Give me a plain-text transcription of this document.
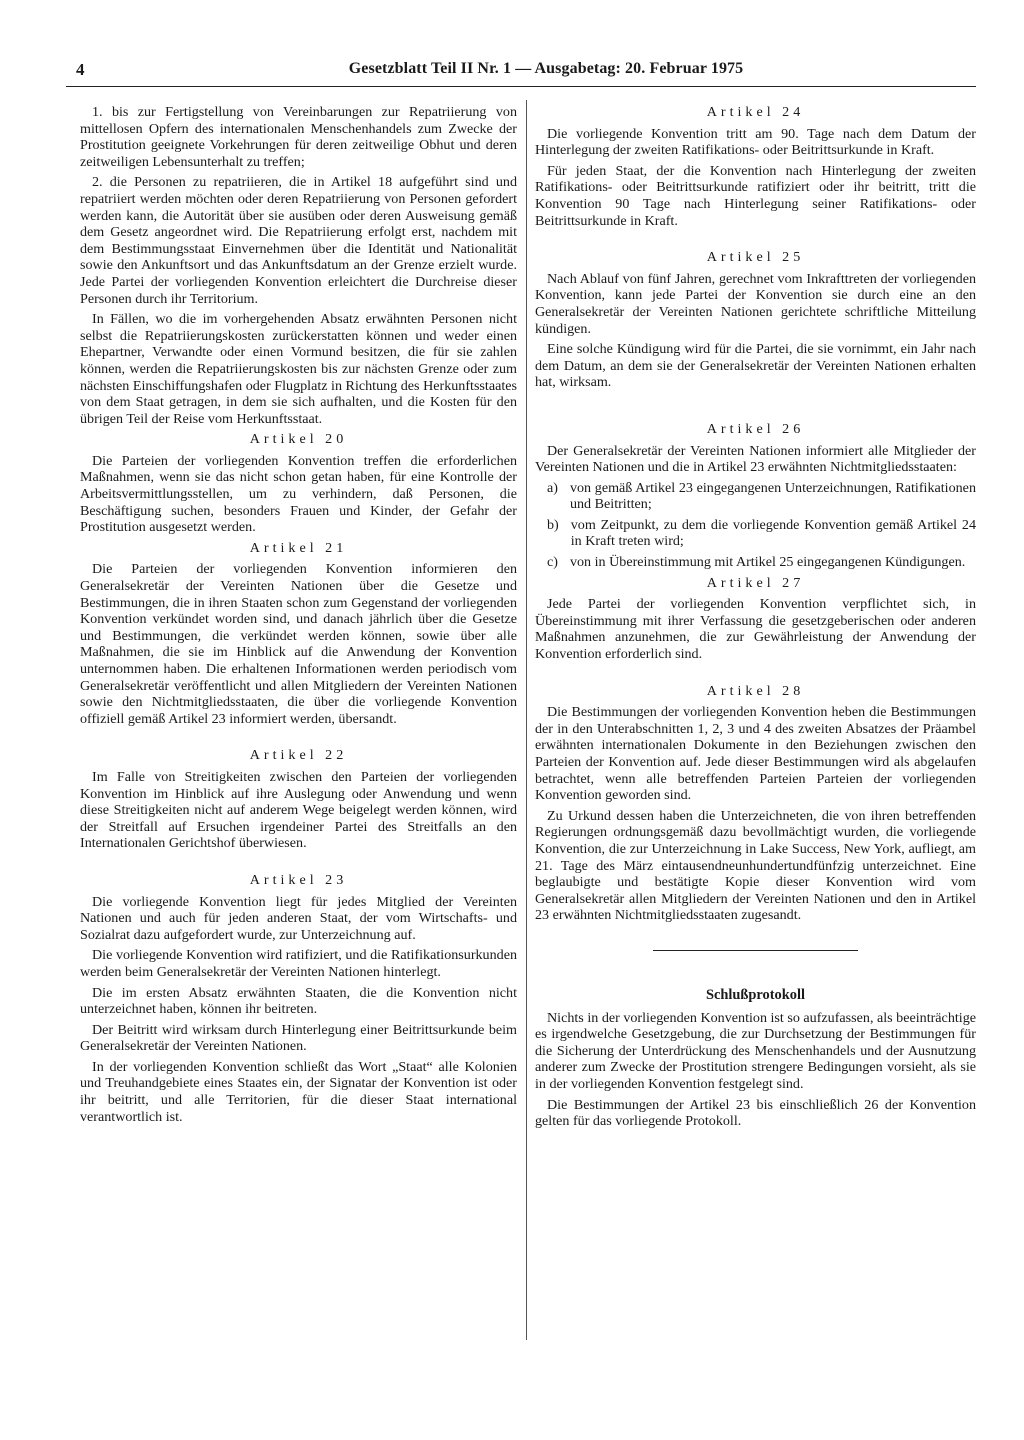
4	Gesetzblatt Teil II Nr. 1 — Ausgabetag: 20. Februar 1975

1. bis zur Fertigstellung von Vereinbarungen zur Repatriierung von mittellosen Opfern des internationalen Menschenhandels zum Zwecke der Prostitution geeignete Vorkehrungen für deren zeitweilige Obhut und deren zeitweiligen Lebensunterhalt zu treffen;

2. die Personen zu repatriieren, die in Artikel 18 aufgeführt sind und repatriiert werden möchten oder deren Repatriierung von Personen gefordert werden kann, die Autorität über sie ausüben oder deren Ausweisung gemäß dem Gesetz angeordnet wird. Die Repatriierung erfolgt erst, nachdem mit dem Bestimmungsstaat Einvernehmen über die Identität und Nationalität sowie den Ankunftsort und das Ankunftsdatum an der Grenze erzielt wurde. Jede Partei der vorliegenden Konvention erleichtert die Durchreise dieser Personen durch ihr Territorium.

In Fällen, wo die im vorhergehenden Absatz erwähnten Personen nicht selbst die Repatriierungskosten zurückerstatten können und weder einen Ehepartner, Verwandte oder einen Vormund besitzen, die für sie zahlen können, werden die Repatriierungskosten bis zur nächsten Grenze oder zum nächsten Einschiffungshafen oder Flugplatz in Richtung des Herkunftsstaates von dem Staat getragen, in dem sie sich aufhalten, und die Kosten für den übrigen Teil der Reise vom Herkunftsstaat.

Artikel 20

Die Parteien der vorliegenden Konvention treffen die erforderlichen Maßnahmen, wenn sie das nicht schon getan haben, für eine Kontrolle der Arbeitsvermittlungsstellen, um zu verhindern, daß Personen, die Beschäftigung suchen, besonders Frauen und Kinder, der Gefahr der Prostitution ausgesetzt werden.

Artikel 21

Die Parteien der vorliegenden Konvention informieren den Generalsekretär der Vereinten Nationen über die Gesetze und Bestimmungen, die in ihren Staaten schon zum Gegenstand der vorliegenden Konvention verkündet worden sind, und danach jährlich über die Gesetze und Bestimmungen, die verkündet werden können, sowie über alle Maßnahmen, die sie im Hinblick auf die Anwendung der Konvention unternommen haben. Die erhaltenen Informationen werden periodisch vom Generalsekretär veröffentlicht und allen Mitgliedern der Vereinten Nationen sowie den Nichtmitgliedsstaaten, die über die vorliegende Konvention offiziell gemäß Artikel 23 informiert werden, übersandt.

Artikel 22

Im Falle von Streitigkeiten zwischen den Parteien der vorliegenden Konvention im Hinblick auf ihre Auslegung oder Anwendung und wenn diese Streitigkeiten nicht auf anderem Wege beigelegt werden können, wird der Streitfall auf Ersuchen irgendeiner Partei des Streitfalls an den Internationalen Gerichtshof überwiesen.

Artikel 23

Die vorliegende Konvention liegt für jedes Mitglied der Vereinten Nationen und auch für jeden anderen Staat, der vom Wirtschafts- und Sozialrat dazu aufgefordert wurde, zur Unterzeichnung auf.

Die vorliegende Konvention wird ratifiziert, und die Ratifikationsurkunden werden beim Generalsekretär der Vereinten Nationen hinterlegt.

Die im ersten Absatz erwähnten Staaten, die die Konvention nicht unterzeichnet haben, können ihr beitreten.

Der Beitritt wird wirksam durch Hinterlegung einer Beitrittsurkunde beim Generalsekretär der Vereinten Nationen.

In der vorliegenden Konvention schließt das Wort „Staat“ alle Kolonien und Treuhandgebiete eines Staates ein, der Signatar der Konvention ist oder ihr beitritt, und alle Territorien, für die dieser Staat international verantwortlich ist.

Artikel 24

Die vorliegende Konvention tritt am 90. Tage nach dem Datum der Hinterlegung der zweiten Ratifikations- oder Beitrittsurkunde in Kraft.

Für jeden Staat, der die Konvention nach Hinterlegung der zweiten Ratifikations- oder Beitrittsurkunde ratifiziert oder ihr beitritt, tritt die Konvention 90 Tage nach Hinterlegung seiner Ratifikations- oder Beitrittsurkunde in Kraft.

Artikel 25

Nach Ablauf von fünf Jahren, gerechnet vom Inkrafttreten der vorliegenden Konvention, kann jede Partei der Konvention sie durch eine an den Generalsekretär der Vereinten Nationen gerichtete schriftliche Mitteilung kündigen.

Eine solche Kündigung wird für die Partei, die sie vornimmt, ein Jahr nach dem Datum, an dem sie der Generalsekretär der Vereinten Nationen erhalten hat, wirksam.

Artikel 26

Der Generalsekretär der Vereinten Nationen informiert alle Mitglieder der Vereinten Nationen und die in Artikel 23 erwähnten Nichtmitgliedsstaaten:

a) von gemäß Artikel 23 eingegangenen Unterzeichnungen, Ratifikationen und Beitritten;
b) vom Zeitpunkt, zu dem die vorliegende Konvention gemäß Artikel 24 in Kraft treten wird;
c) von in Übereinstimmung mit Artikel 25 eingegangenen Kündigungen.
Artikel 27

Jede Partei der vorliegenden Konvention verpflichtet sich, in Übereinstimmung mit ihrer Verfassung die gesetzgeberischen oder anderen Maßnahmen anzunehmen, die zur Gewährleistung der Anwendung der Konvention erforderlich sind.

Artikel 28

Die Bestimmungen der vorliegenden Konvention heben die Bestimmungen der in den Unterabschnitten 1, 2, 3 und 4 des zweiten Absatzes der Präambel erwähnten internationalen Dokumente in den Beziehungen zwischen den Parteien der Konvention auf. Jede dieser Bestimmungen wird als abgelaufen betrachtet, wenn alle betreffenden Parteien Parteien der vorliegenden Konvention geworden sind.

Zu Urkund dessen haben die Unterzeichneten, die von ihren betreffenden Regierungen ordnungsgemäß dazu bevollmächtigt wurden, die vorliegende Konvention, die zur Unterzeichnung in Lake Success, New York, aufliegt, am 21. Tage des März eintausendneunhundertundfünfzig unterzeichnet. Eine beglaubigte und bestätigte Kopie dieser Konvention wird vom Generalsekretär allen Mitgliedern der Vereinten Nationen und den in Artikel 23 erwähnten Nichtmitgliedsstaaten zugesandt.

Schlußprotokoll

Nichts in der vorliegenden Konvention ist so aufzufassen, als beeinträchtige es irgendwelche Gesetzgebung, die zur Durchsetzung der Bestimmungen für die Sicherung der Unterdrückung des Menschenhandels und der Ausnutzung anderer zum Zwecke der Prostitution strengere Bedingungen vorsieht, als sie in der vorliegenden Konvention festgelegt sind.

Die Bestimmungen der Artikel 23 bis einschließlich 26 der Konvention gelten für das vorliegende Protokoll.
